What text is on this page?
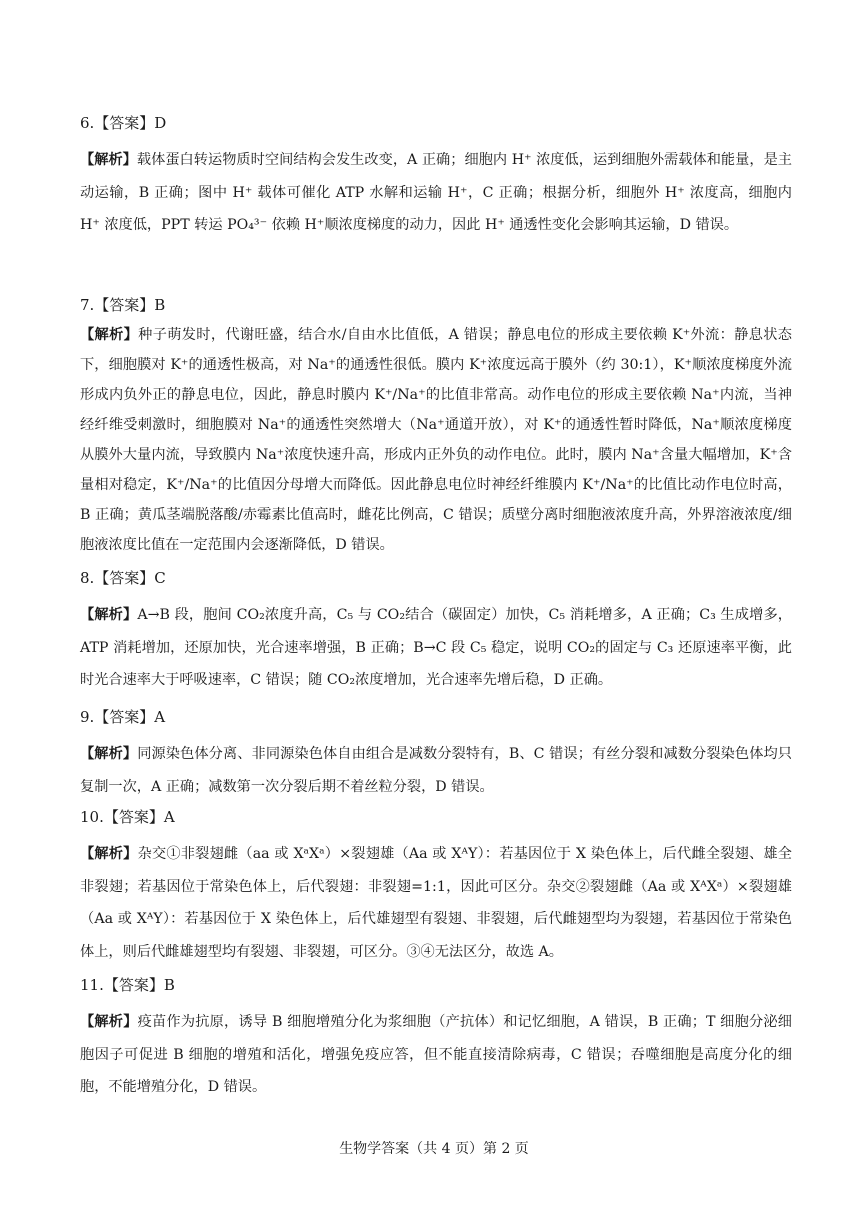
6.【答案】D
【解析】载体蛋白转运物质时空间结构会发生改变，A 正确；细胞内 H⁺ 浓度低，运到细胞外需载体和能量，是主动运输，B 正确；图中 H⁺ 载体可催化 ATP 水解和运输 H⁺，C 正确；根据分析，细胞外 H⁺ 浓度高，细胞内 H⁺ 浓度低，PPT 转运 PO₄³⁻ 依赖 H⁺顺浓度梯度的动力，因此 H⁺ 通透性变化会影响其运输，D 错误。
7.【答案】B
【解析】种子萌发时，代谢旺盛，结合水/自由水比值低，A 错误；静息电位的形成主要依赖 K⁺外流：静息状态下，细胞膜对 K⁺的通透性极高，对 Na⁺的通透性很低。膜内 K⁺浓度远高于膜外（约 30:1），K⁺顺浓度梯度外流形成内负外正的静息电位，因此，静息时膜内 K⁺/Na⁺的比值非常高。动作电位的形成主要依赖 Na⁺内流，当神经纤维受刺激时，细胞膜对 Na⁺的通透性突然增大（Na⁺通道开放），对 K⁺的通透性暂时降低，Na⁺顺浓度梯度从膜外大量内流，导致膜内 Na⁺浓度快速升高，形成内正外负的动作电位。此时，膜内 Na⁺含量大幅增加，K⁺含量相对稳定，K⁺/Na⁺的比值因分母增大而降低。因此静息电位时神经纤维膜内 K⁺/Na⁺的比值比动作电位时高，B 正确；黄瓜茎端脱落酸/赤霉素比值高时，雌花比例高，C 错误；质壁分离时细胞液浓度升高，外界溶液浓度/细胞液浓度比值在一定范围内会逐渐降低，D 错误。
8.【答案】C
【解析】A→B 段，胞间 CO₂浓度升高，C₅ 与 CO₂结合（碳固定）加快，C₅ 消耗增多，A 正确；C₃ 生成增多， ATP 消耗增加，还原加快，光合速率增强，B 正确；B→C 段 C₅ 稳定，说明 CO₂的固定与 C₃ 还原速率平衡，此时光合速率大于呼吸速率，C 错误；随 CO₂浓度增加，光合速率先增后稳，D 正确。
9.【答案】A
【解析】同源染色体分离、非同源染色体自由组合是减数分裂特有，B、C 错误；有丝分裂和减数分裂染色体均只复制一次，A 正确；减数第一次分裂后期不着丝粒分裂，D 错误。
10.【答案】A
【解析】杂交①非裂翅雌（aa 或 XᵃXᵃ）×裂翅雄（Aa 或 XᴬY）：若基因位于 X 染色体上，后代雌全裂翅、雄全非裂翅；若基因位于常染色体上，后代裂翅：非裂翅=1:1，因此可区分。杂交②裂翅雌（Aa 或 XᴬXᵃ）×裂翅雄（Aa 或 XᴬY）：若基因位于 X 染色体上，后代雄翅型有裂翅、非裂翅，后代雌翅型均为裂翅，若基因位于常染色体上，则后代雌雄翅型均有裂翅、非裂翅，可区分。③④无法区分，故选 A。
11.【答案】B
【解析】疫苗作为抗原，诱导 B 细胞增殖分化为浆细胞（产抗体）和记忆细胞，A 错误，B 正确；T 细胞分泌细胞因子可促进 B 细胞的增殖和活化，增强免疫应答，但不能直接清除病毒，C 错误；吞噬细胞是高度分化的细胞，不能增殖分化，D 错误。
生物学答案（共 4 页）第 2 页
